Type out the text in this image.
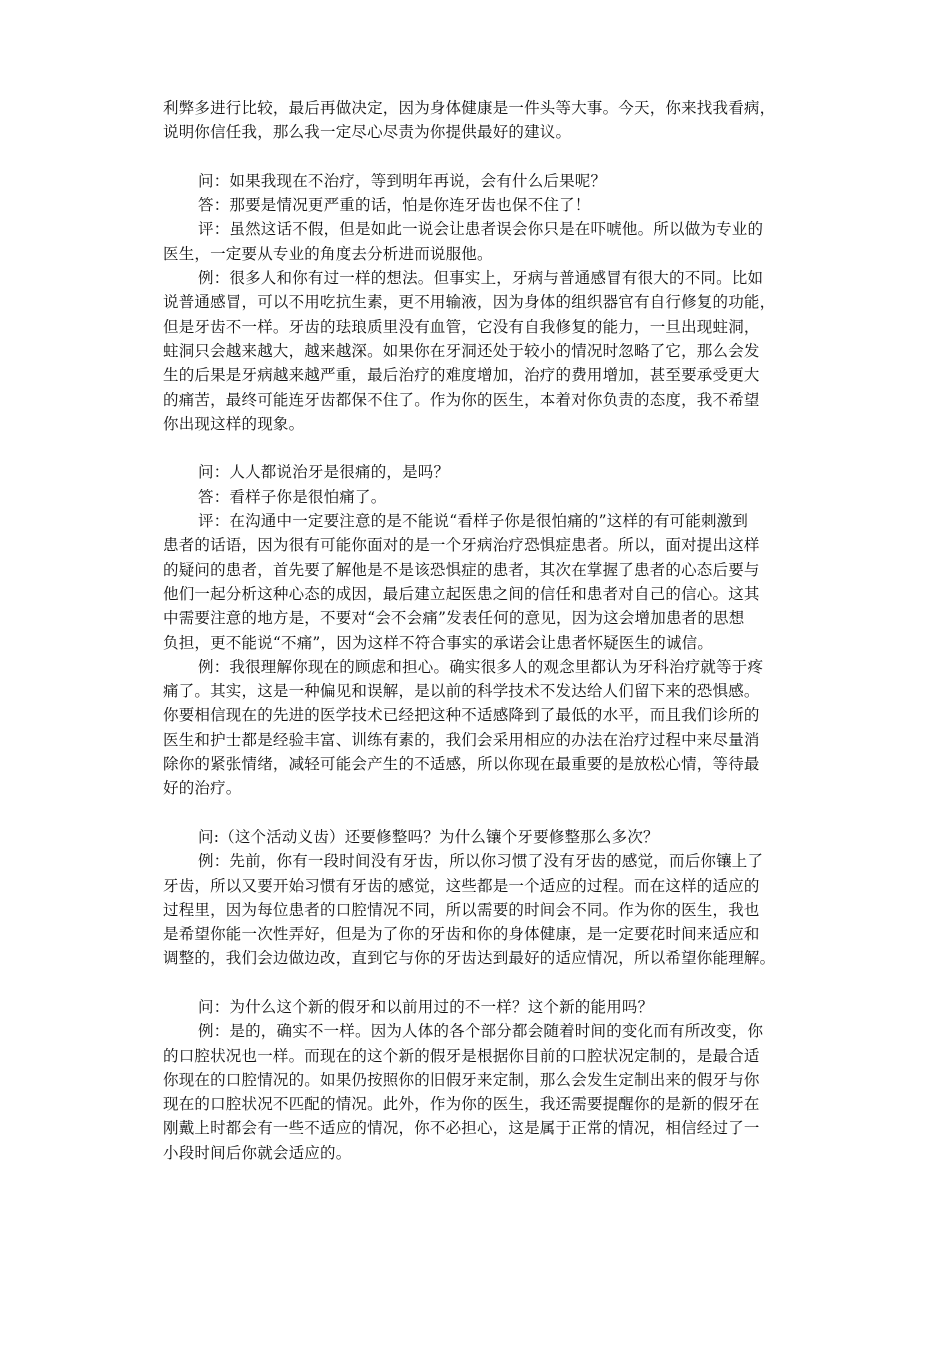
利弊多进行比较，最后再做决定，因为身体健康是一件头等大事。今天，你来找我看病，
说明你信任我，那么我一定尽心尽责为你提供最好的建议。
问：如果我现在不治疗，等到明年再说，会有什么后果呢？
答：那要是情况更严重的话，怕是你连牙齿也保不住了！
评：虽然这话不假，但是如此一说会让患者误会你只是在吓唬他。所以做为专业的
医生，一定要从专业的角度去分析进而说服他。
例：很多人和你有过一样的想法。但事实上，牙病与普通感冒有很大的不同。比如
说普通感冒，可以不用吃抗生素，更不用输液，因为身体的组织器官有自行修复的功能，
但是牙齿不一样。牙齿的珐琅质里没有血管，它没有自我修复的能力，一旦出现蛀洞，
蛀洞只会越来越大，越来越深。如果你在牙洞还处于较小的情况时忽略了它，那么会发
生的后果是牙病越来越严重，最后治疗的难度增加，治疗的费用增加，甚至要承受更大
的痛苦，最终可能连牙齿都保不住了。作为你的医生，本着对你负责的态度，我不希望
你出现这样的现象。
问：人人都说治牙是很痛的，是吗？
答：看样子你是很怕痛了。
评：在沟通中一定要注意的是不能说“看样子你是很怕痛的”这样的有可能刺激到
患者的话语，因为很有可能你面对的是一个牙病治疗恐惧症患者。所以，面对提出这样
的疑问的患者，首先要了解他是不是该恐惧症的患者，其次在掌握了患者的心态后要与
他们一起分析这种心态的成因，最后建立起医患之间的信任和患者对自己的信心。这其
中需要注意的地方是，不要对“会不会痛”发表任何的意见，因为这会增加患者的思想
负担，更不能说“不痛”，因为这样不符合事实的承诺会让患者怀疑医生的诚信。
例：我很理解你现在的顾虑和担心。确实很多人的观念里都认为牙科治疗就等于疼
痛了。其实，这是一种偏见和误解，是以前的科学技术不发达给人们留下来的恐惧感。
你要相信现在的先进的医学技术已经把这种不适感降到了最低的水平，而且我们诊所的
医生和护士都是经验丰富、训练有素的，我们会采用相应的办法在治疗过程中来尽量消
除你的紧张情绪，减轻可能会产生的不适感，所以你现在最重要的是放松心情，等待最
好的治疗。
问:（这个活动义齿）还要修整吗？为什么镶个牙要修整那么多次？
例：先前，你有一段时间没有牙齿，所以你习惯了没有牙齿的感觉，而后你镶上了
牙齿，所以又要开始习惯有牙齿的感觉，这些都是一个适应的过程。而在这样的适应的
过程里，因为每位患者的口腔情况不同，所以需要的时间会不同。作为你的医生，我也
是希望你能一次性弄好，但是为了你的牙齿和你的身体健康，是一定要花时间来适应和
调整的，我们会边做边改，直到它与你的牙齿达到最好的适应情况，所以希望你能理解。
问：为什么这个新的假牙和以前用过的不一样？这个新的能用吗？
例：是的，确实不一样。因为人体的各个部分都会随着时间的变化而有所改变，你
的口腔状况也一样。而现在的这个新的假牙是根据你目前的口腔状况定制的，是最合适
你现在的口腔情况的。如果仍按照你的旧假牙来定制，那么会发生定制出来的假牙与你
现在的口腔状况不匹配的情况。此外，作为你的医生，我还需要提醒你的是新的假牙在
刚戴上时都会有一些不适应的情况，你不必担心，这是属于正常的情况，相信经过了一
小段时间后你就会适应的。
